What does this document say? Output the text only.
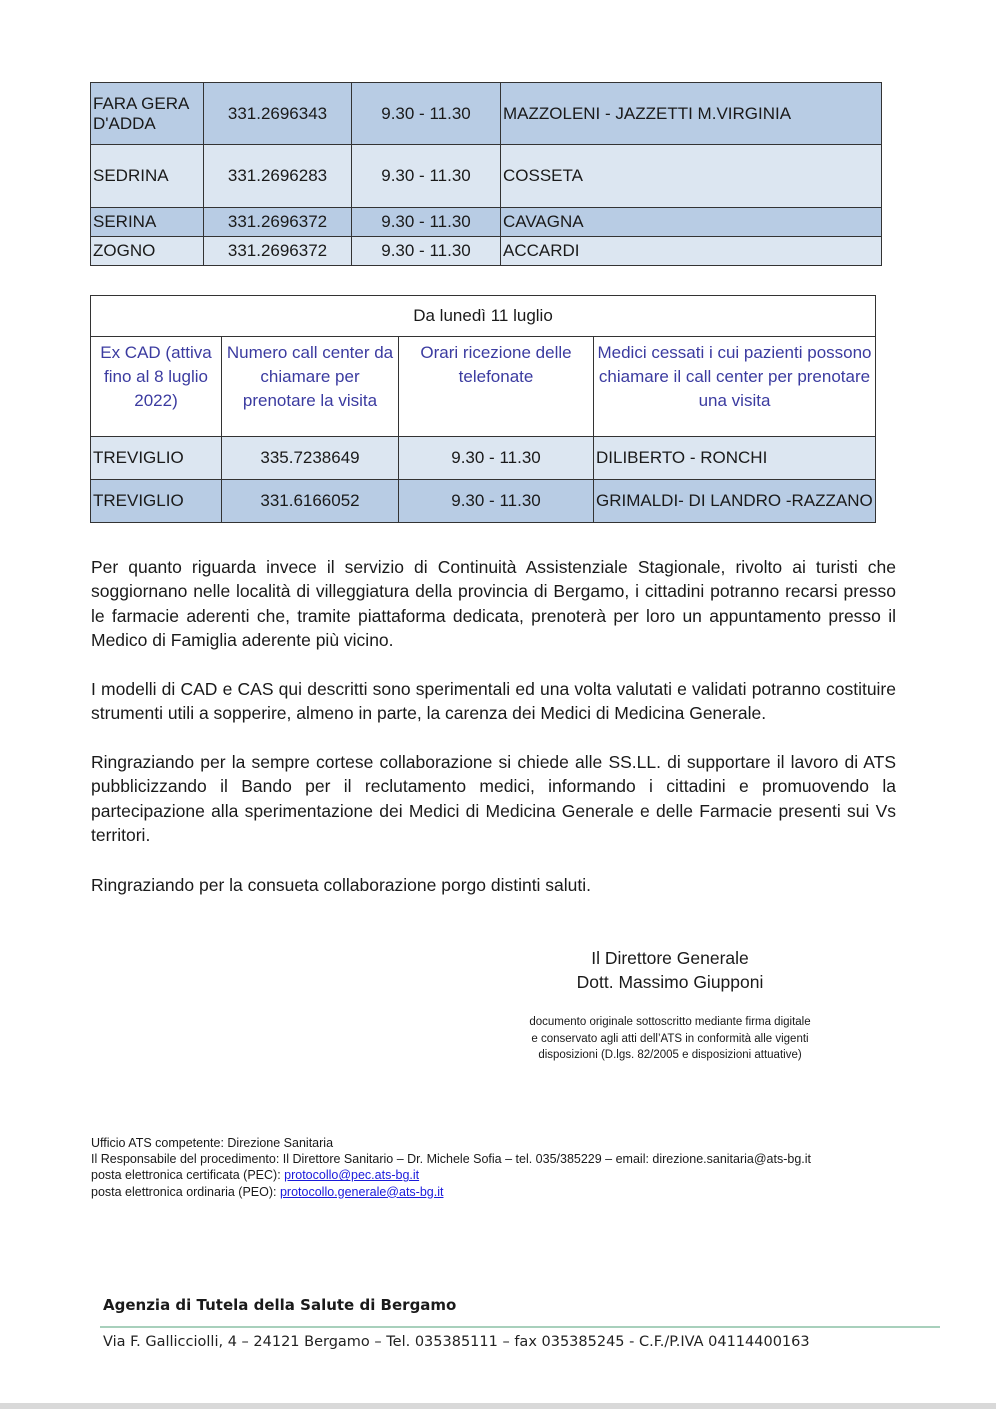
FARA GERA D'ADDA	331.2696343	9.30 - 11.30	MAZZOLENI - JAZZETTI M.VIRGINIA
SEDRINA	331.2696283	9.30 - 11.30	COSSETA
SERINA	331.2696372	9.30 - 11.30	CAVAGNA
ZOGNO	331.2696372	9.30 - 11.30	ACCARDI
Da lunedì 11 luglio			
Ex CAD (attiva fino al 8 luglio 2022)	Numero call center da chiamare per prenotare la visita	Orari ricezione delle telefonate	Medici cessati i cui pazienti possono chiamare il call center per prenotare una visita
TREVIGLIO	335.7238649	9.30 - 11.30	DILIBERTO - RONCHI
TREVIGLIO	331.6166052	9.30 - 11.30	GRIMALDI- DI LANDRO -RAZZANO

Per quanto riguarda invece il servizio di Continuità Assistenziale Stagionale, rivolto ai turisti che soggiornano nelle località di villeggiatura della provincia di Bergamo, i cittadini potranno recarsi presso le farmacie aderenti che, tramite piattaforma dedicata, prenoterà per loro un appuntamento presso il Medico di Famiglia aderente più vicino.

I modelli di CAD e CAS qui descritti sono sperimentali ed una volta valutati e validati potranno costituire strumenti utili a sopperire, almeno in parte, la carenza dei Medici di Medicina Generale.

Ringraziando per la sempre cortese collaborazione si chiede alle SS.LL. di supportare il lavoro di ATS pubblicizzando il Bando per il reclutamento medici, informando i cittadini e promuovendo la partecipazione alla sperimentazione dei Medici di Medicina Generale e delle Farmacie presenti sui Vs territori.

Ringraziando per la consueta collaborazione porgo distinti saluti.

Il Direttore Generale
Dott. Massimo Giupponi
documento originale sottoscritto mediante firma digitale
e conservato agli atti dell’ATS in conformità alle vigenti
disposizioni (D.lgs. 82/2005 e disposizioni attuative)
Ufficio ATS competente: Direzione Sanitaria
Il Responsabile del procedimento: Il Direttore Sanitario – Dr. Michele Sofia – tel. 035/385229 – email: direzione.sanitaria@ats-bg.it
posta elettronica certificata (PEC): protocollo@pec.ats-bg.it
posta elettronica ordinaria (PEO): protocollo.generale@ats-bg.it
Agenzia di Tutela della Salute di Bergamo
Via F. Gallicciolli, 4 – 24121 Bergamo – Tel. 035385111 – fax 035385245 - C.F./P.IVA 04114400163
